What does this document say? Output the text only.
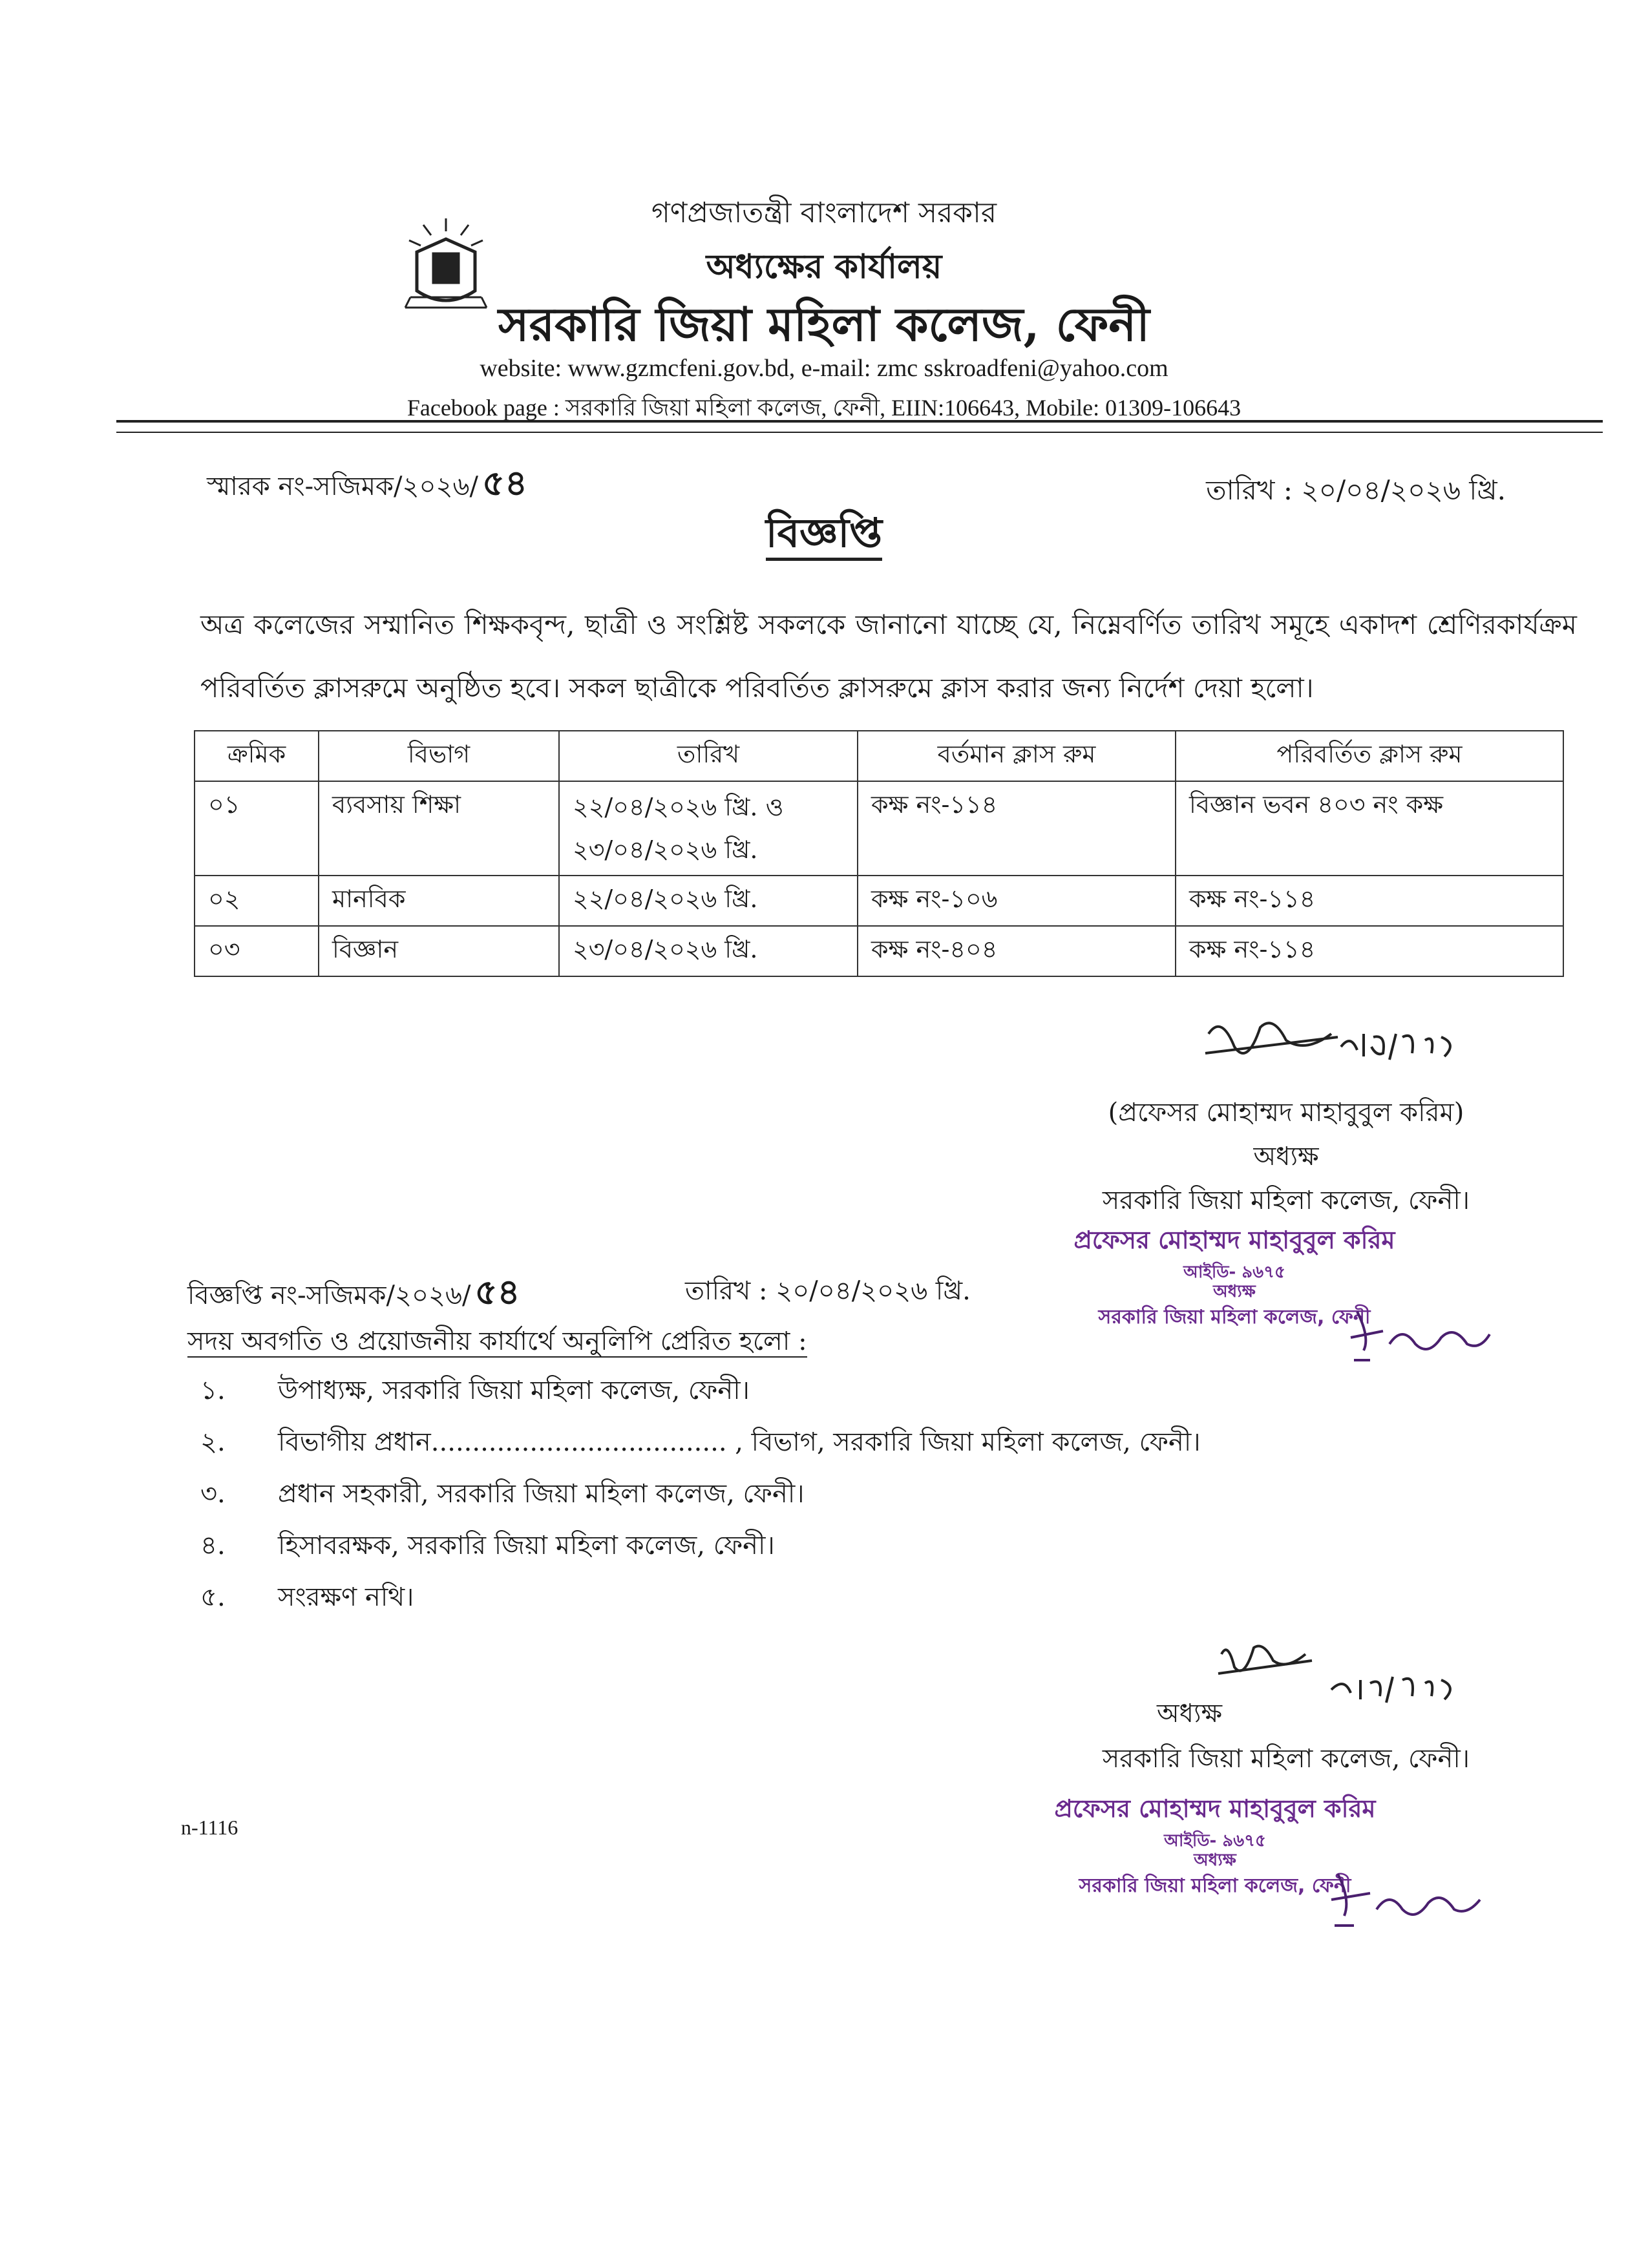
গণপ্রজাতন্ত্রী বাংলাদেশ সরকার
অধ্যক্ষের কার্যালয়
সরকারি জিয়া মহিলা কলেজ, ফেনী
website: www.gzmcfeni.gov.bd, e-mail: zmc sskroadfeni@yahoo.com
Facebook page : সরকারি জিয়া মহিলা কলেজ, ফেনী, EIIN:106643, Mobile: 01309-106643
স্মারক নং-সজিমক/২০২৬/ ৫৪	তারিখ : ২০/০৪/২০২৬ খ্রি.
বিজ্ঞপ্তি
অত্র কলেজের সম্মানিত শিক্ষকবৃন্দ, ছাত্রী ও সংশ্লিষ্ট সকলকে জানানো যাচ্ছে যে, নিম্নেবর্ণিত তারিখ সমূহে একাদশ শ্রেণিরকার্যক্রম পরিবর্তিত ক্লাসরুমে অনুষ্ঠিত হবে। সকল ছাত্রীকে পরিবর্তিত ক্লাসরুমে ক্লাস করার জন্য নির্দেশ দেয়া হলো।
ক্রমিক	বিভাগ	তারিখ	বর্তমান ক্লাস রুম	পরিবর্তিত ক্লাস রুম
০১	ব্যবসায় শিক্ষা	২২/০৪/২০২৬ খ্রি. ও ২৩/০৪/২০২৬ খ্রি.	কক্ষ নং-১১৪	বিজ্ঞান ভবন ৪০৩ নং কক্ষ
০২	মানবিক	২২/০৪/২০২৬ খ্রি.	কক্ষ নং-১০৬	কক্ষ নং-১১৪
০৩	বিজ্ঞান	২৩/০৪/২০২৬ খ্রি.	কক্ষ নং-৪০৪	কক্ষ নং-১১৪
(প্রফেসর মোহাম্মদ মাহাবুবুল করিম)
অধ্যক্ষ
সরকারি জিয়া মহিলা কলেজ, ফেনী।
প্রফেসর মোহাম্মদ মাহাবুবুল করিম
আইডি- ৯৬৭৫
অধ্যক্ষ
সরকারি জিয়া মহিলা কলেজ, ফেনী
বিজ্ঞপ্তি নং-সজিমক/২০২৬/ ৫৪	তারিখ : ২০/০৪/২০২৬ খ্রি.
সদয় অবগতি ও প্রয়োজনীয় কার্যার্থে অনুলিপি প্রেরিত হলো :
১. উপাধ্যক্ষ, সরকারি জিয়া মহিলা কলেজ, ফেনী।
২. বিভাগীয় প্রধান.................................... , বিভাগ, সরকারি জিয়া মহিলা কলেজ, ফেনী।
৩. প্রধান সহকারী, সরকারি জিয়া মহিলা কলেজ, ফেনী।
৪. হিসাবরক্ষক, সরকারি জিয়া মহিলা কলেজ, ফেনী।
৫. সংরক্ষণ নথি।
অধ্যক্ষ
সরকারি জিয়া মহিলা কলেজ, ফেনী।
n-1116
প্রফেসর মোহাম্মদ মাহাবুবুল করিম
আইডি- ৯৬৭৫
অধ্যক্ষ
সরকারি জিয়া মহিলা কলেজ, ফেনী
